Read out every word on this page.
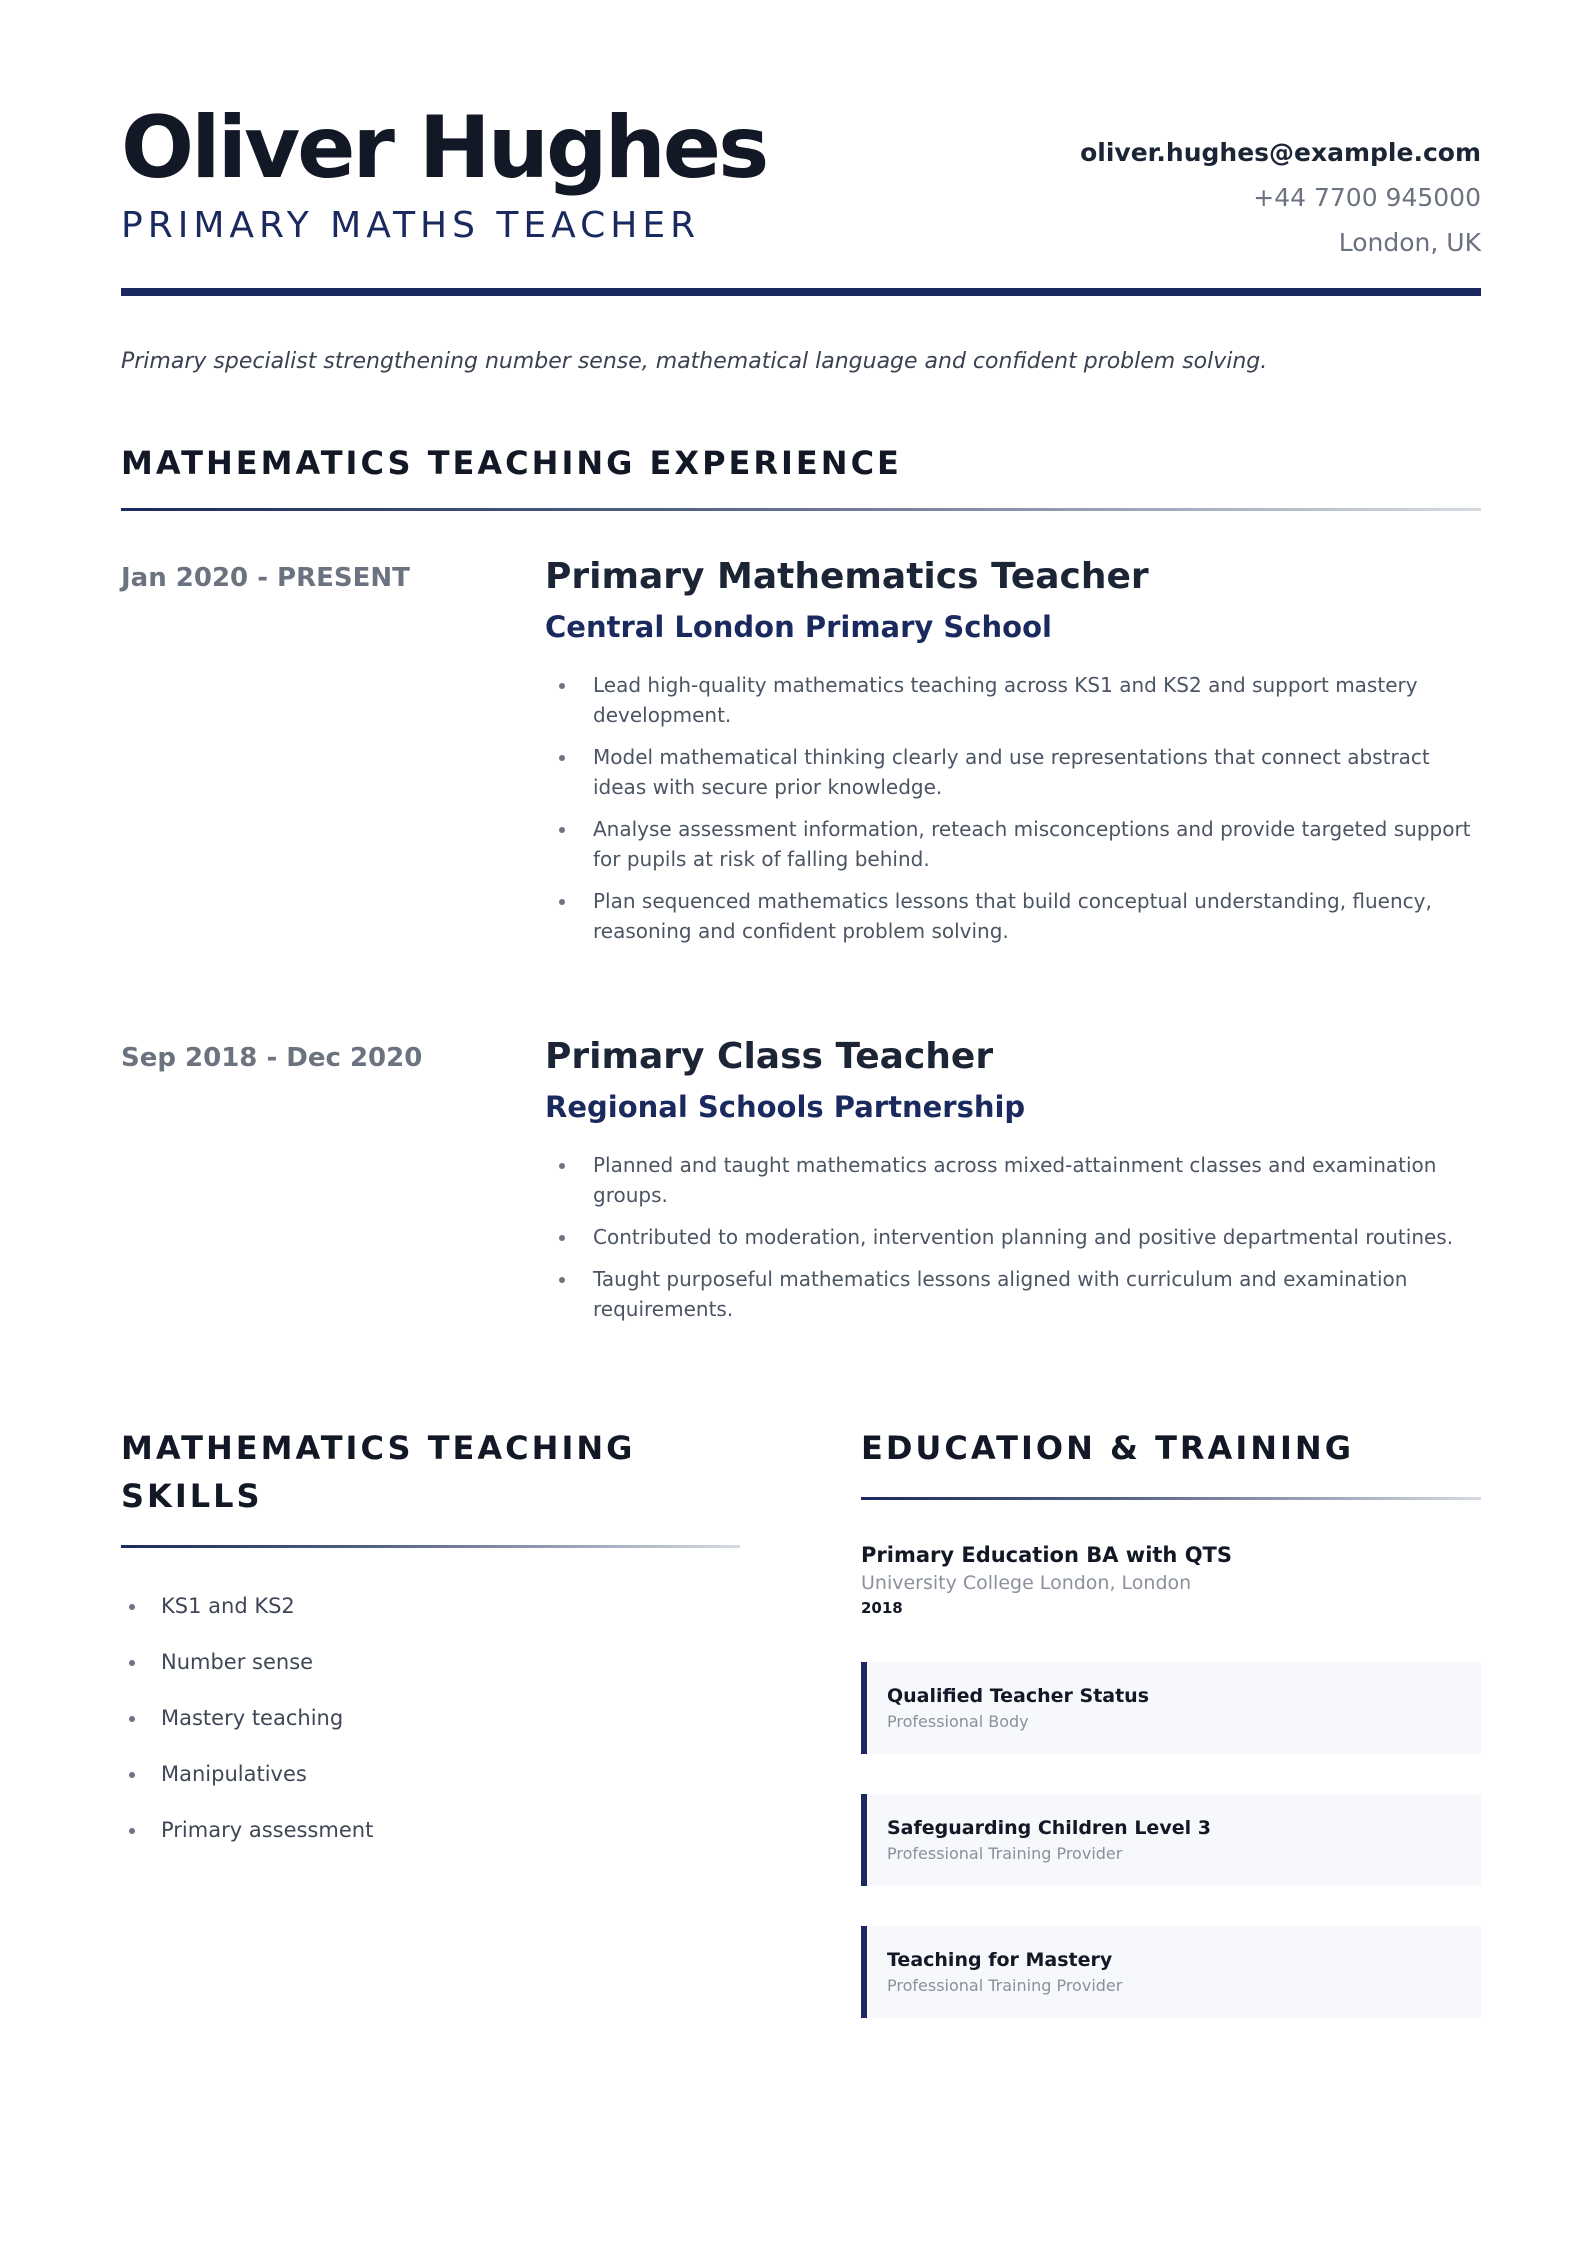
Oliver Hughes
PRIMARY MATHS TEACHER
oliver.hughes@example.com
+44 7700 945000
London, UK

Primary specialist strengthening number sense, mathematical language and confident problem solving.

MATHEMATICS TEACHING EXPERIENCE
Jan 2020 - PRESENT	Primary Mathematics Teacher
Central London Primary School
Lead high-quality mathematics teaching across KS1 and KS2 and support mastery development.
Model mathematical thinking clearly and use representations that connect abstract ideas with secure prior knowledge.
Analyse assessment information, reteach misconceptions and provide targeted support for pupils at risk of falling behind.
Plan sequenced mathematics lessons that build conceptual understanding, fluency, reasoning and confident problem solving.
Sep 2018 - Dec 2020	Primary Class Teacher
Regional Schools Partnership
Planned and taught mathematics across mixed-attainment classes and examination groups.
Contributed to moderation, intervention planning and positive departmental routines.
Taught purposeful mathematics lessons aligned with curriculum and examination requirements.
MATHEMATICS TEACHING SKILLS
KS1 and KS2
Number sense
Mastery teaching
Manipulatives
Primary assessment
EDUCATION & TRAINING

Primary Education BA with QTS

University College London, London

2018

Qualified Teacher Status

Professional Body

Safeguarding Children Level 3

Professional Training Provider

Teaching for Mastery

Professional Training Provider
